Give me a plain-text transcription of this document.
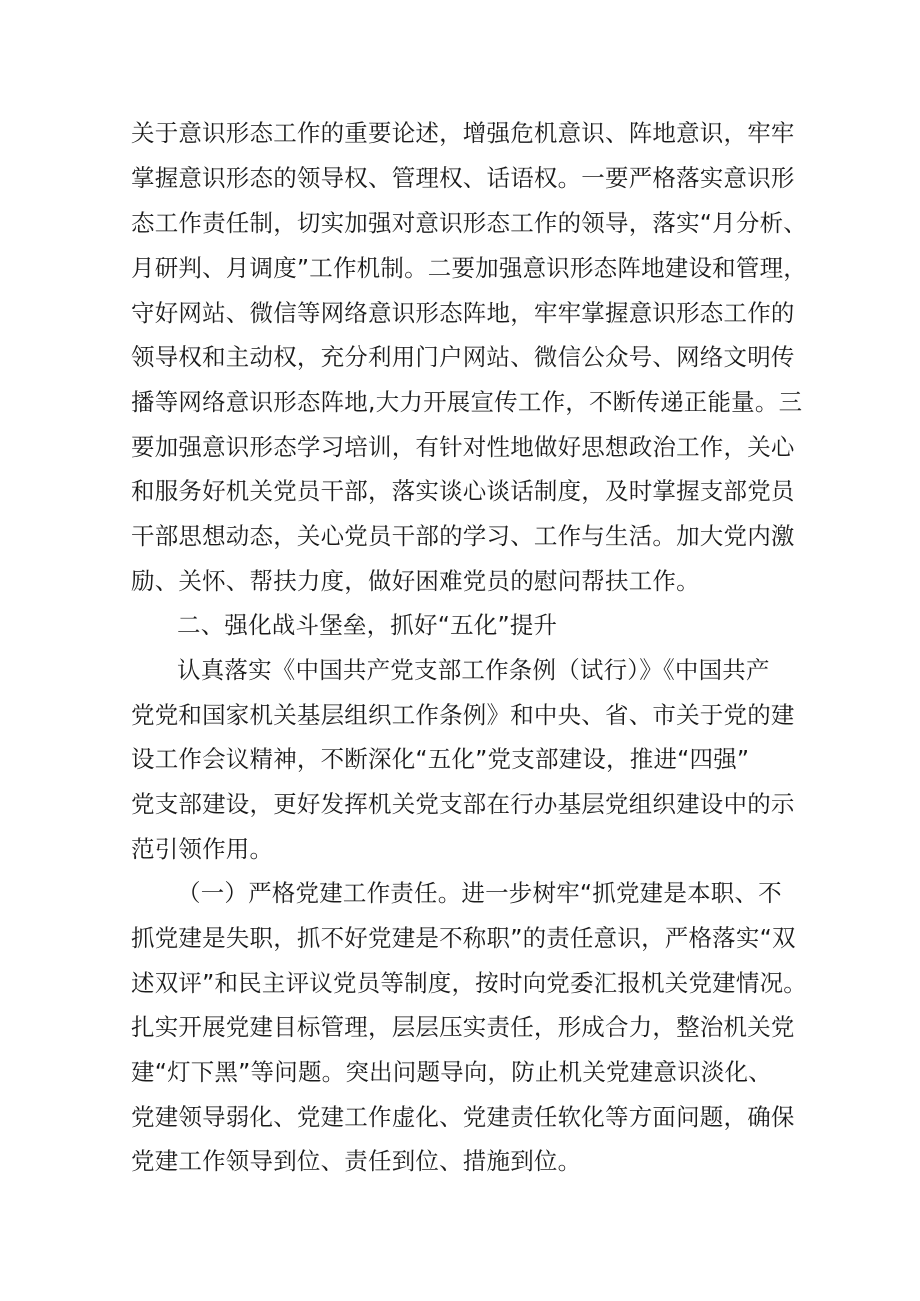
关于意识形态工作的重要论述，增强危机意识、阵地意识，牢牢

掌握意识形态的领导权、管理权、话语权。一要严格落实意识形

态工作责任制，切实加强对意识形态工作的领导，落实“月分析、

月研判、月调度”工作机制。二要加强意识形态阵地建设和管理，

守好网站、微信等网络意识形态阵地，牢牢掌握意识形态工作的

领导权和主动权，充分利用门户网站、微信公众号、网络文明传

播等网络意识形态阵地,大力开展宣传工作，不断传递正能量。三

要加强意识形态学习培训，有针对性地做好思想政治工作，关心

和服务好机关党员干部，落实谈心谈话制度，及时掌握支部党员

干部思想动态，关心党员干部的学习、工作与生活。加大党内激

励、关怀、帮扶力度，做好困难党员的慰问帮扶工作。

二、强化战斗堡垒，抓好“五化”提升

认真落实《中国共产党支部工作条例（试行）》《中国共产

党党和国家机关基层组织工作条例》和中央、省、市关于党的建

设工作会议精神，不断深化“五化”党支部建设，推进“四强”

党支部建设，更好发挥机关党支部在行办基层党组织建设中的示

范引领作用。

（一）严格党建工作责任。进一步树牢“抓党建是本职、不

抓党建是失职，抓不好党建是不称职”的责任意识，严格落实“双

述双评”和民主评议党员等制度，按时向党委汇报机关党建情况。

扎实开展党建目标管理，层层压实责任，形成合力，整治机关党

建“灯下黑”等问题。突出问题导向，防止机关党建意识淡化、

党建领导弱化、党建工作虚化、党建责任软化等方面问题，确保

党建工作领导到位、责任到位、措施到位。
